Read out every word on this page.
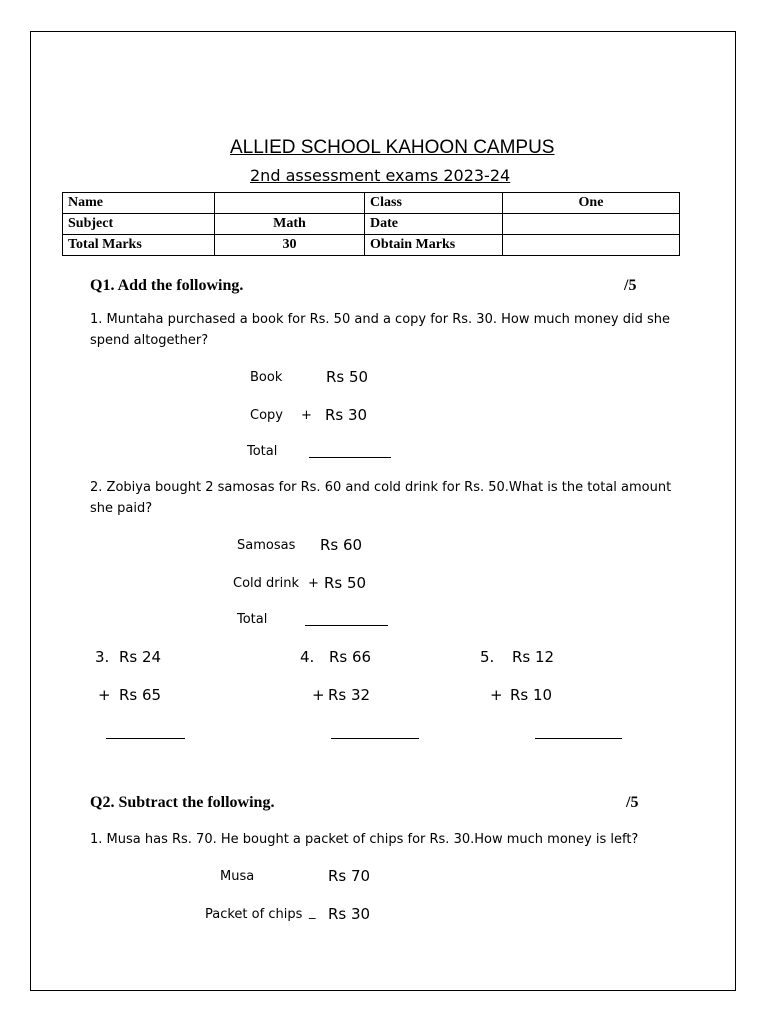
ALLIED SCHOOL KAHOON CAMPUS
2nd assessment exams 2023-24
Name		Class	One
Subject	Math	Date	
Total Marks	30	Obtain Marks	
Q1. Add the following.	/5
1. Muntaha purchased a book for Rs. 50 and a copy for Rs. 30. How much money did she spend altogether?
Book	Rs 50
Copy + Rs 30
Total
2. Zobiya bought 2 samosas for Rs. 60 and cold drink for Rs. 50.What is the total amount she paid?
Samosas Rs 60
Cold drink + Rs 50
Total
3. Rs 24
+ Rs 65
4. Rs 66
+ Rs 32
5. Rs 12
+ Rs 10
Q2. Subtract the following.	/5
1. Musa has Rs. 70. He bought a packet of chips for Rs. 30.How much money is left?
Musa	Rs 70
Packet of chips _ Rs 30
